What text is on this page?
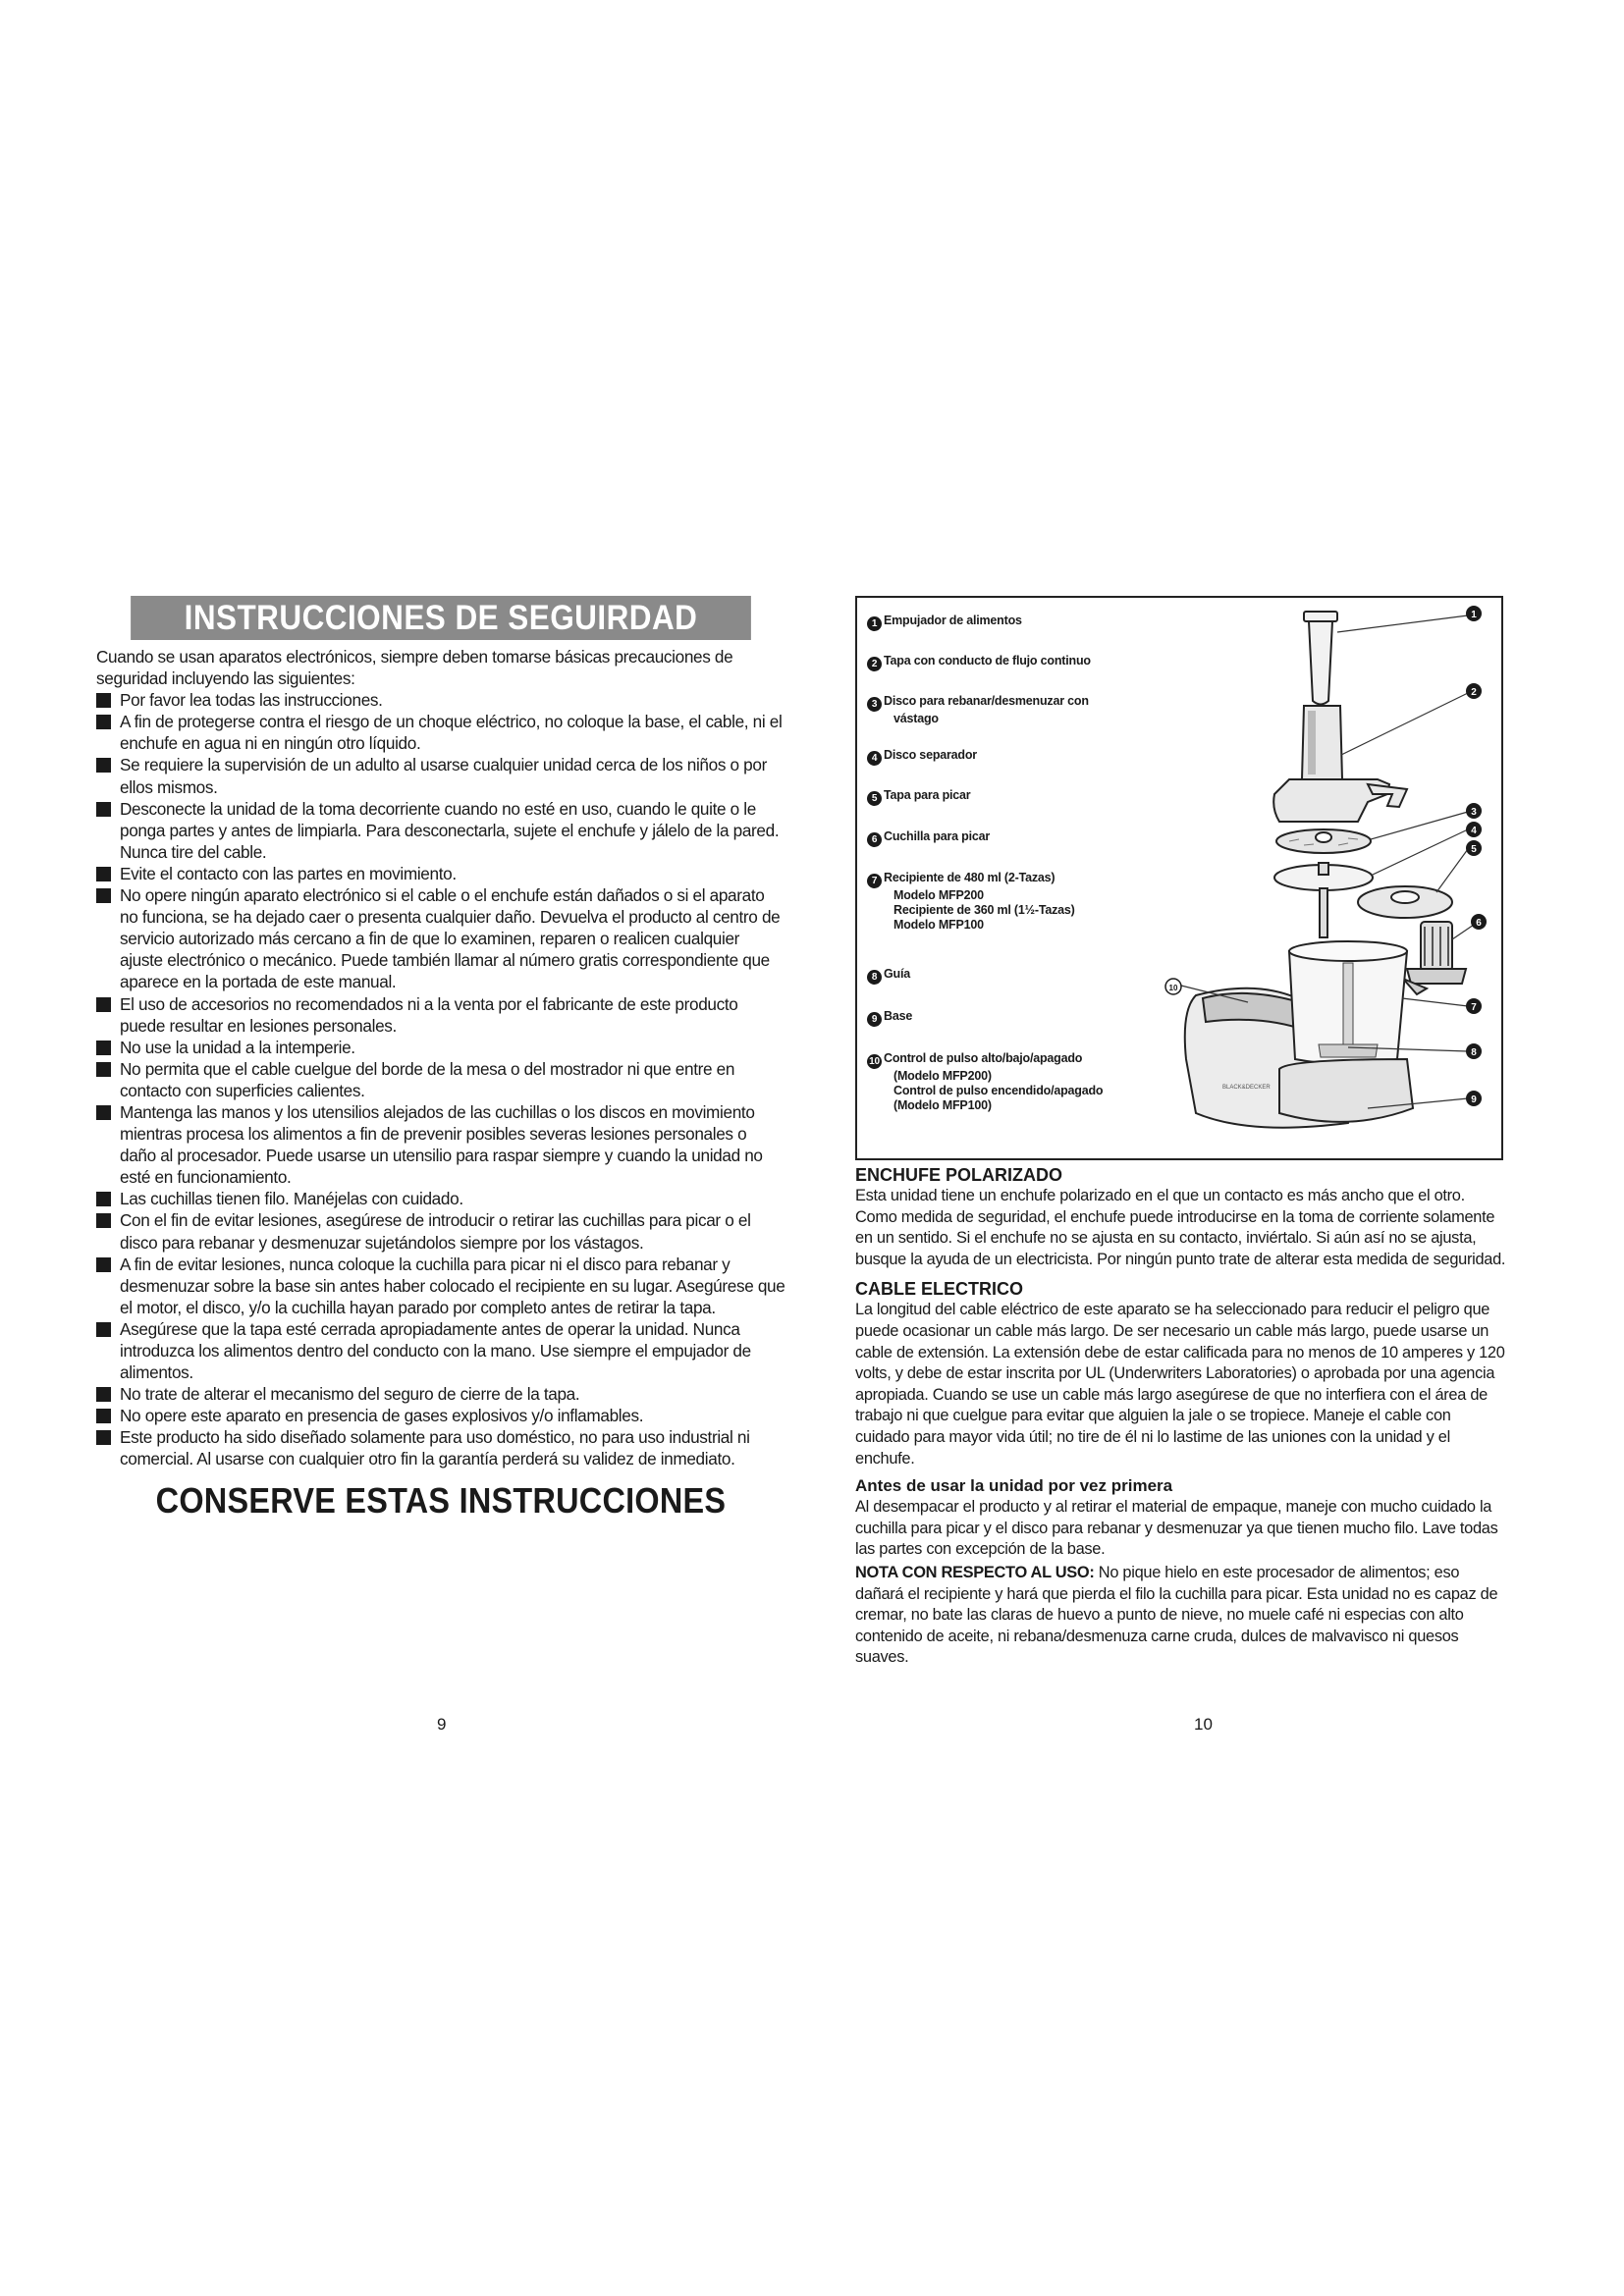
INSTRUCCIONES DE SEGUIRDAD
Cuando se usan aparatos electrónicos, siempre deben tomarse básicas precauciones de seguridad incluyendo las siguientes:
Por favor lea todas las instrucciones.
A fin de protegerse contra el riesgo de un choque eléctrico, no coloque la base, el cable, ni el enchufe en agua ni en ningún otro líquido.
Se requiere la supervisión de un adulto al usarse cualquier unidad cerca de los niños o por ellos mismos.
Desconecte la unidad de la toma decorriente cuando no esté en uso, cuando le quite o le ponga partes y antes de limpiarla. Para desconectarla, sujete el enchufe y jálelo de la pared. Nunca tire del cable.
Evite el contacto con las partes en movimiento.
No opere ningún aparato electrónico si el cable o el enchufe están dañados o si el aparato no funciona, se ha dejado caer o presenta cualquier daño. Devuelva el producto al centro de servicio autorizado más cercano a fin de que lo examinen, reparen o realicen cualquier ajuste electrónico o mecánico. Puede también llamar al número gratis correspondiente que aparece en la portada de este manual.
El uso de accesorios no recomendados ni a la venta por el fabricante de este producto puede resultar en lesiones personales.
No use la unidad a la intemperie.
No permita que el cable cuelgue del borde de la mesa o del mostrador ni que entre en contacto con superficies calientes.
Mantenga las manos y los utensilios alejados de las cuchillas o los discos en movimiento mientras procesa los alimentos a fin de prevenir posibles severas lesiones personales o daño al procesador. Puede usarse un utensilio para raspar siempre y cuando la unidad no esté en funcionamiento.
Las cuchillas tienen filo. Manéjelas con cuidado.
Con el fin de evitar lesiones, asegúrese de introducir o retirar las cuchillas para picar o el disco para rebanar y desmenuzar sujetándolos siempre por los vástagos.
A fin de evitar lesiones, nunca coloque la cuchilla para picar ni el disco para rebanar y desmenuzar sobre la base sin antes haber colocado el recipiente en su lugar. Asegúrese que el motor, el disco, y/o la cuchilla hayan parado por completo antes de retirar la tapa.
Asegúrese que la tapa esté cerrada apropiadamente antes de operar la unidad. Nunca introduzca los alimentos dentro del conducto con la mano. Use siempre el empujador de alimentos.
No trate de alterar el mecanismo del seguro de cierre de la tapa.
No opere este aparato en presencia de gases explosivos y/o inflamables.
Este producto ha sido diseñado solamente para uso doméstico, no para uso industrial ni comercial. Al usarse con cualquier otro fin la garantía perderá su validez de inmediato.
CONSERVE ESTAS INSTRUCCIONES
9
1 Empujador de alimentos
2 Tapa con conducto de flujo continuo
3 Disco para rebanar/desmenuzar con
vástago
4 Disco separador
5 Tapa para picar
6 Cuchilla para picar
7 Recipiente de 480 ml (2-Tazas)
Modelo MFP200
Recipiente de 360 ml (1½-Tazas)
Modelo MFP100
8 Guía
9 Base
10 Control de pulso alto/bajo/apagado
(Modelo MFP200)
Control de pulso encendido/apagado
(Modelo MFP100)
BLACK&DECKER
1
2
3
4
5
6
7
8
9
10
ENCHUFE POLARIZADO
Esta unidad tiene un enchufe polarizado en el que un contacto es más ancho que el otro. Como medida de seguridad, el enchufe puede introducirse en la toma de corriente solamente en un sentido. Si el enchufe no se ajusta en su contacto, inviértalo. Si aún así no se ajusta, busque la ayuda de un electricista. Por ningún punto trate de alterar esta medida de seguridad.
CABLE ELECTRICO
La longitud del cable eléctrico de este aparato se ha seleccionado para reducir el peligro que puede ocasionar un cable más largo. De ser necesario un cable más largo, puede usarse un cable de extensión. La extensión debe de estar calificada para no menos de 10 amperes y 120 volts, y debe de estar inscrita por UL (Underwriters Laboratories) o aprobada por una agencia apropiada. Cuando se use un cable más largo asegúrese de que no interfiera con el área de trabajo ni que cuelgue para evitar que alguien la jale o se tropiece. Maneje el cable con cuidado para mayor vida útil; no tire de él ni lo lastime de las uniones con la unidad y el enchufe.
Antes de usar la unidad por vez primera
Al desempacar el producto y al retirar el material de empaque, maneje con mucho cuidado la cuchilla para picar y el disco para rebanar y desmenuzar ya que tienen mucho filo. Lave todas las partes con excepción de la base.
NOTA CON RESPECTO AL USO: No pique hielo en este procesador de alimentos; eso dañará el recipiente y hará que pierda el filo la cuchilla para picar. Esta unidad no es capaz de cremar, no bate las claras de huevo a punto de nieve, no muele café ni especias con alto contenido de aceite, ni rebana/desmenuza carne cruda, dulces de malvavisco ni quesos suaves.
10
